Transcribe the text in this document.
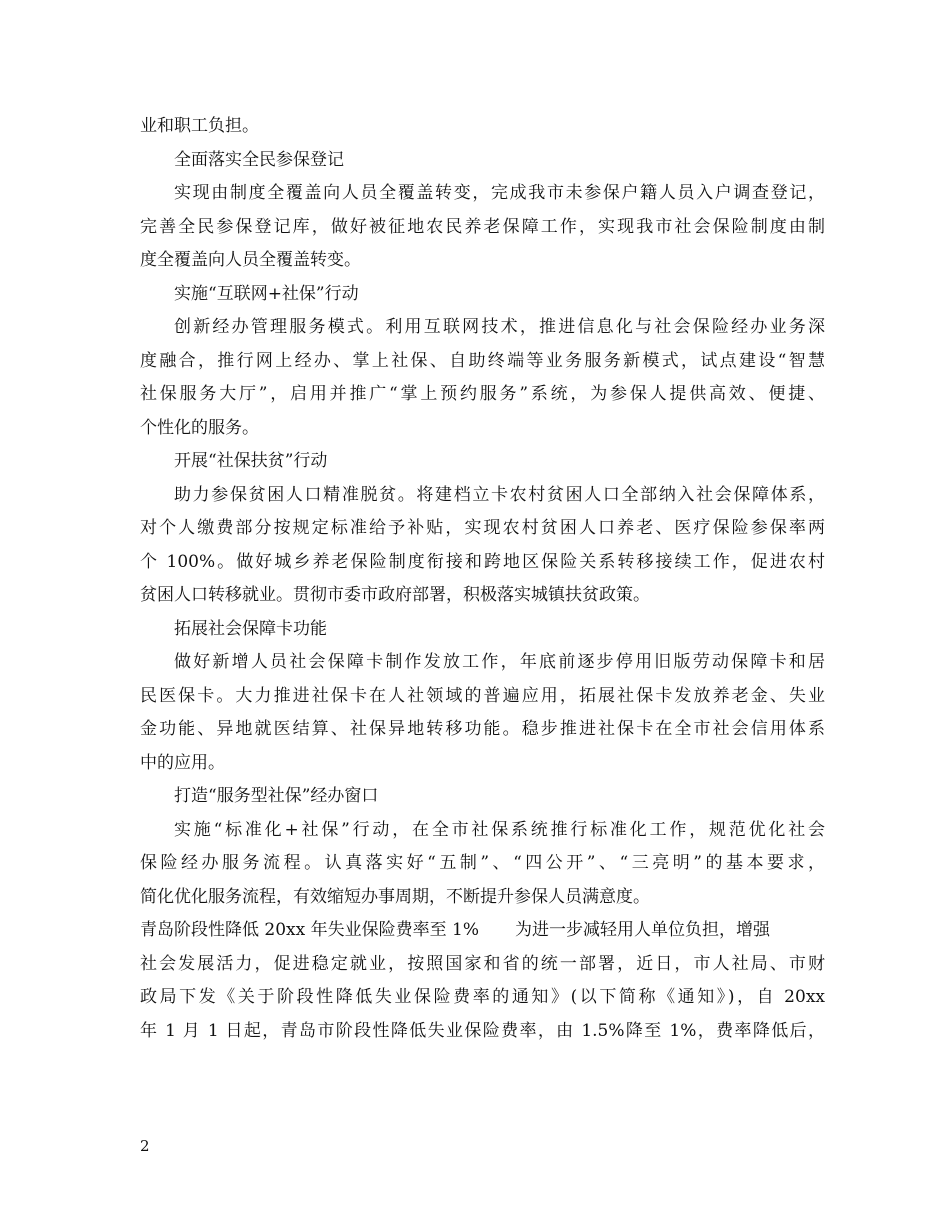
业和职工负担。
全面落实全民参保登记
实现由制度全覆盖向人员全覆盖转变，完成我市未参保户籍人员入户调查登记，
完善全民参保登记库，做好被征地农民养老保障工作，实现我市社会保险制度由制
度全覆盖向人员全覆盖转变。
实施“互联网+社保”行动
创新经办管理服务模式。利用互联网技术，推进信息化与社会保险经办业务深
度融合，推行网上经办、掌上社保、自助终端等业务服务新模式，试点建设“智慧
社保服务大厅”，启用并推广“掌上预约服务”系统，为参保人提供高效、便捷、
个性化的服务。
开展“社保扶贫”行动
助力参保贫困人口精准脱贫。将建档立卡农村贫困人口全部纳入社会保障体系，
对个人缴费部分按规定标准给予补贴，实现农村贫困人口养老、医疗保险参保率两
个 100%。做好城乡养老保险制度衔接和跨地区保险关系转移接续工作，促进农村
贫困人口转移就业。贯彻市委市政府部署，积极落实城镇扶贫政策。
拓展社会保障卡功能
做好新增人员社会保障卡制作发放工作，年底前逐步停用旧版劳动保障卡和居
民医保卡。大力推进社保卡在人社领域的普遍应用，拓展社保卡发放养老金、失业
金功能、异地就医结算、社保异地转移功能。稳步推进社保卡在全市社会信用体系
中的应用。
打造“服务型社保”经办窗口
实施“标准化+社保”行动，在全市社保系统推行标准化工作，规范优化社会
保险经办服务流程。认真落实好“五制”、“四公开”、“三亮明”的基本要求，
简化优化服务流程，有效缩短办事周期，不断提升参保人员满意度。
青岛阶段性降低 20xx 年失业保险费率至 1% 为进一步减轻用人单位负担，增强
社会发展活力，促进稳定就业，按照国家和省的统一部署，近日，市人社局、市财
政局下发《关于阶段性降低失业保险费率的通知》(以下简称《通知》)，自 20xx
年 1 月 1 日起，青岛市阶段性降低失业保险费率，由 1.5%降至 1%，费率降低后，
2
